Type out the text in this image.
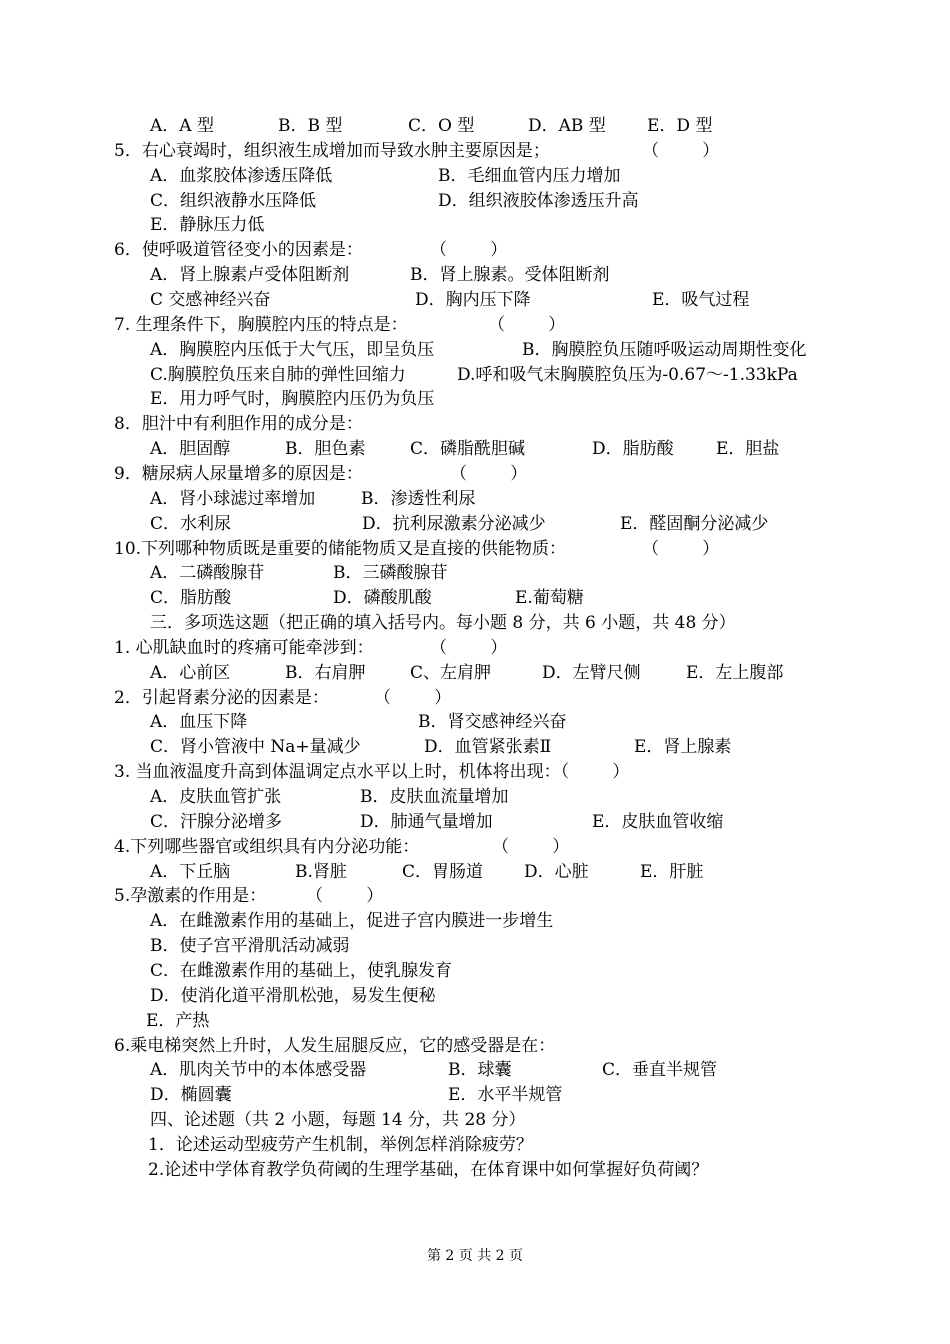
A．A 型	B．B 型	C．O 型	D．AB 型 E．D 型
5．右心衰竭时，组织液生成增加而导致水肿主要原因是；	（        ）
A．血浆胶体渗透压降低	B．毛细血管内压力增加
C．组织液静水压降低	D．组织液胶体渗透压升高
E．静脉压力低
6．使呼吸道管径变小的因素是：	（        ）
A．肾上腺素卢受体阻断剂	B．肾上腺素。受体阻断剂
C 交感神经兴奋	D．胸内压下降	E．吸气过程
7. 生理条件下，胸膜腔内压的特点是：	（        ）
A．胸膜腔内压低于大气压，即呈负压	B．胸膜腔负压随呼吸运动周期性变化
C.胸膜腔负压来自肺的弹性回缩力	D.呼和吸气末胸膜腔负压为-0.67～-1.33kPa
E．用力呼气时，胸膜腔内压仍为负压
8．胆汁中有利胆作用的成分是：
A．胆固醇	B．胆色素	C．磷脂酰胆碱	D．脂肪酸 E．胆盐
9．糖尿病人尿量增多的原因是：	（        ）
A．肾小球滤过率增加	B．渗透性利尿
C．水利尿	D．抗利尿激素分泌减少	E．醛固酮分泌减少
10.下列哪种物质既是重要的储能物质又是直接的供能物质：	（        ）
A．二磷酸腺苷	B．三磷酸腺苷
C．脂肪酸	D．磷酸肌酸	E.葡萄糖
三．多项选这题（把正确的填入括号内。每小题 8 分，共 6 小题，共 48 分）
1. 心肌缺血时的疼痛可能牵涉到：	（        ）
A．心前区	B．右肩胛	C、左肩胛	D．左臂尺侧	E．左上腹部
2．引起肾素分泌的因素是：	（        ）
A．血压下降	B．肾交感神经兴奋
C．肾小管液中 Na+量减少	D．血管紧张素Ⅱ	E．肾上腺素
3. 当血液温度升高到体温调定点水平以上时，机体将出现：（        ）
A．皮肤血管扩张	B．皮肤血流量增加
C．汗腺分泌增多	D．肺通气量增加	E．皮肤血管收缩
4.下列哪些器官或组织具有内分泌功能：	（        ）
A．下丘脑	B.肾脏	C．胃肠道 D．心脏	E．肝脏
5.孕激素的作用是： （        ）
A．在雌激素作用的基础上，促进子宫内膜进一步增生
B．使子宫平滑肌活动减弱
C．在雌激素作用的基础上，使乳腺发育
D．使消化道平滑肌松弛，易发生便秘
E．产热
6.乘电梯突然上升时，人发生屈腿反应，它的感受器是在：
A．肌肉关节中的本体感受器	B．球囊	C．垂直半规管
D．椭圆囊	E．水平半规管
四、论述题（共 2 小题，每题 14 分，共 28 分）
1．论述运动型疲劳产生机制，举例怎样消除疲劳？
2.论述中学体育教学负荷阈的生理学基础，在体育课中如何掌握好负荷阈？
第 2 页 共 2 页
